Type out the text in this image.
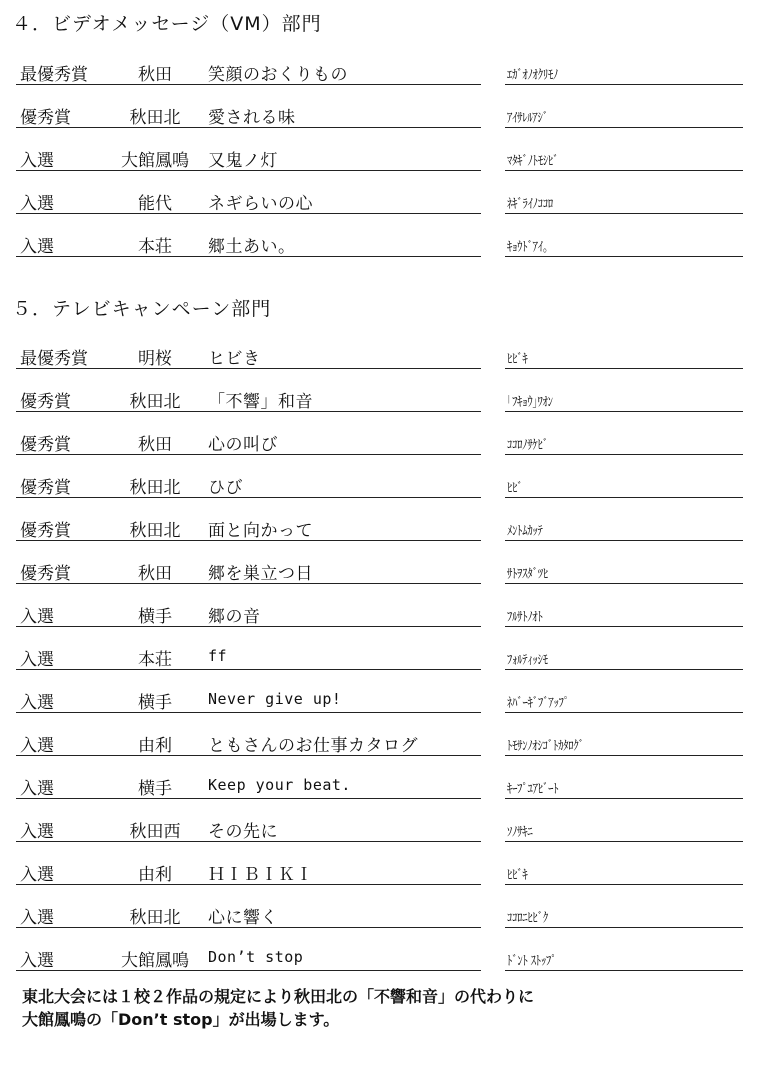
４．ビデオメッセージ（VM）部門
最優秀賞	秋田	笑顔のおくりもの	ｴｶﾞｵﾉｵｸﾘﾓﾉ
優秀賞	秋田北	愛される味	ｱｲｻﾚﾙｱｼﾞ
入選	大館鳳鳴	又鬼ノ灯	ﾏﾀｷﾞﾉﾄﾓｼﾋﾞ
入選	能代	ネギらいの心	ﾈｷﾞﾗｲﾉｺｺﾛ
入選	本荘	郷土あい。	ｷｮｳﾄﾞｱｲ｡
５．テレビキャンペーン部門
最優秀賞	明桜	ヒビき	ﾋﾋﾞｷ
優秀賞	秋田北	「不響」和音	｢ﾌｷｮｳ｣ﾜｵﾝ
優秀賞	秋田	心の叫び	ｺｺﾛﾉｻｹﾋﾞ
優秀賞	秋田北	ひび	ﾋﾋﾞ
優秀賞	秋田北	面と向かって	ﾒﾝﾄﾑｶｯﾃ
優秀賞	秋田	郷を巣立つ日	ｻﾄｦｽﾀﾞﾂﾋ
入選	横手	郷の音	ﾌﾙｻﾄﾉｵﾄ
入選	本荘	ff	ﾌｫﾙﾃｨｯｼﾓ
入選	横手	Never give up!	ﾈﾊﾞｰｷﾞﾌﾞｱｯﾌﾟ
入選	由利	ともさんのお仕事カタログ	ﾄﾓｻﾝﾉｵｼｺﾞﾄｶﾀﾛｸﾞ
入選	横手	Keep your beat.	ｷｰﾌﾟﾕｱﾋﾞｰﾄ
入選	秋田西	その先に	ｿﾉｻｷﾆ
入選	由利	ＨＩＢＩＫＩ	ﾋﾋﾞｷ
入選	秋田北	心に響く	ｺｺﾛﾆﾋﾋﾞｸ
入選	大館鳳鳴	Don’t stop	ﾄﾞﾝﾄ ｽﾄｯﾌﾟ
東北大会には１校２作品の規定により秋田北の「不響和音」の代わりに
大館鳳鳴の「Don’t stop」が出場します。
